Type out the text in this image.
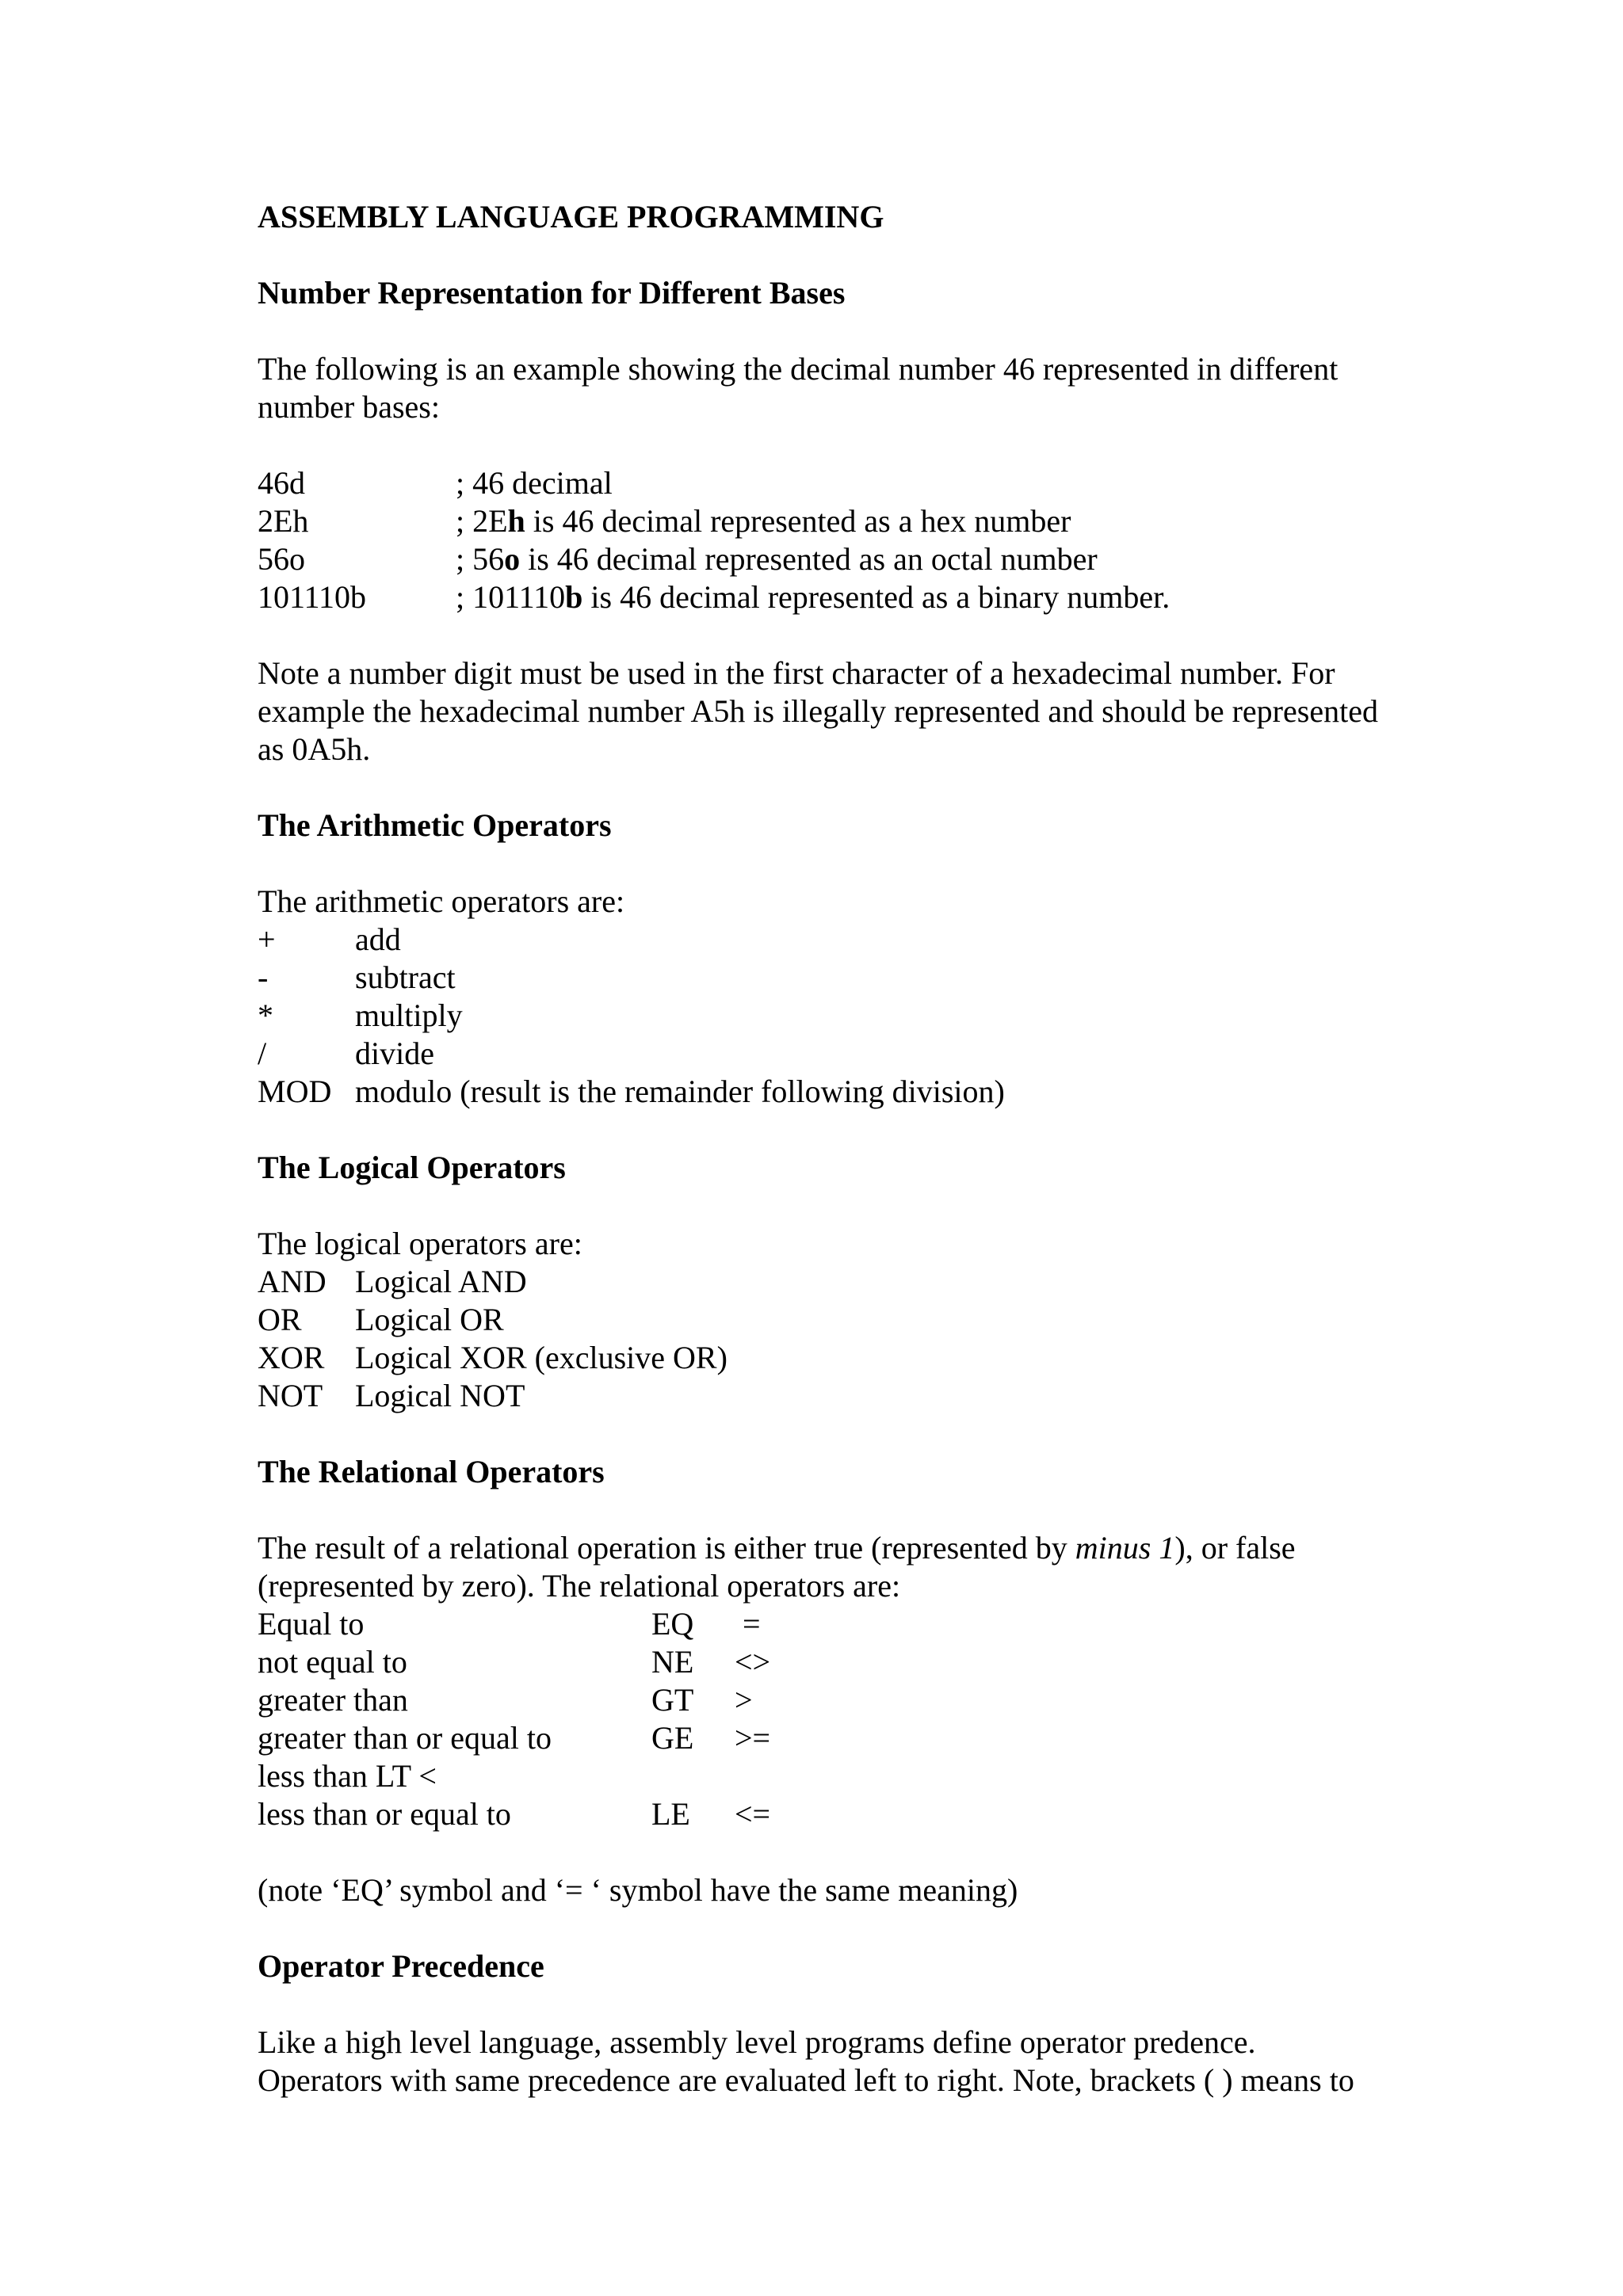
ASSEMBLY LANGUAGE PROGRAMMING
Number Representation for Different Bases

The following is an example showing the decimal number 46 represented in different number bases:

46d	; 46 decimal
2Eh	; 2Eh is 46 decimal represented as a hex number
56o	; 56o is 46 decimal represented as an octal number
101110b	; 101110b is 46 decimal represented as a binary number.

Note a number digit must be used in the first character of a hexadecimal number. For example the hexadecimal number A5h is illegally represented and should be represented as 0A5h.

The Arithmetic Operators

The arithmetic operators are:

+	add
-	subtract
*	multiply
/	divide
MOD modulo (result is the remainder following division)
The Logical Operators

The logical operators are:

AND Logical AND
OR	Logical OR
XOR Logical XOR (exclusive OR)
NOT	Logical NOT
The Relational Operators

The result of a relational operation is either true (represented by minus 1), or false (represented by zero). The relational operators are:

Equal to	EQ	=
not equal to	NE	<>
greater than	GT	>
greater than or equal to	GE	>=
less than LT <
less than or equal to	LE	<=

(note ‘EQ’ symbol and ‘= ‘ symbol have the same meaning)

Operator Precedence

Like a high level language, assembly level programs define operator predence.

Operators with same precedence are evaluated left to right. Note, brackets ( ) means to
